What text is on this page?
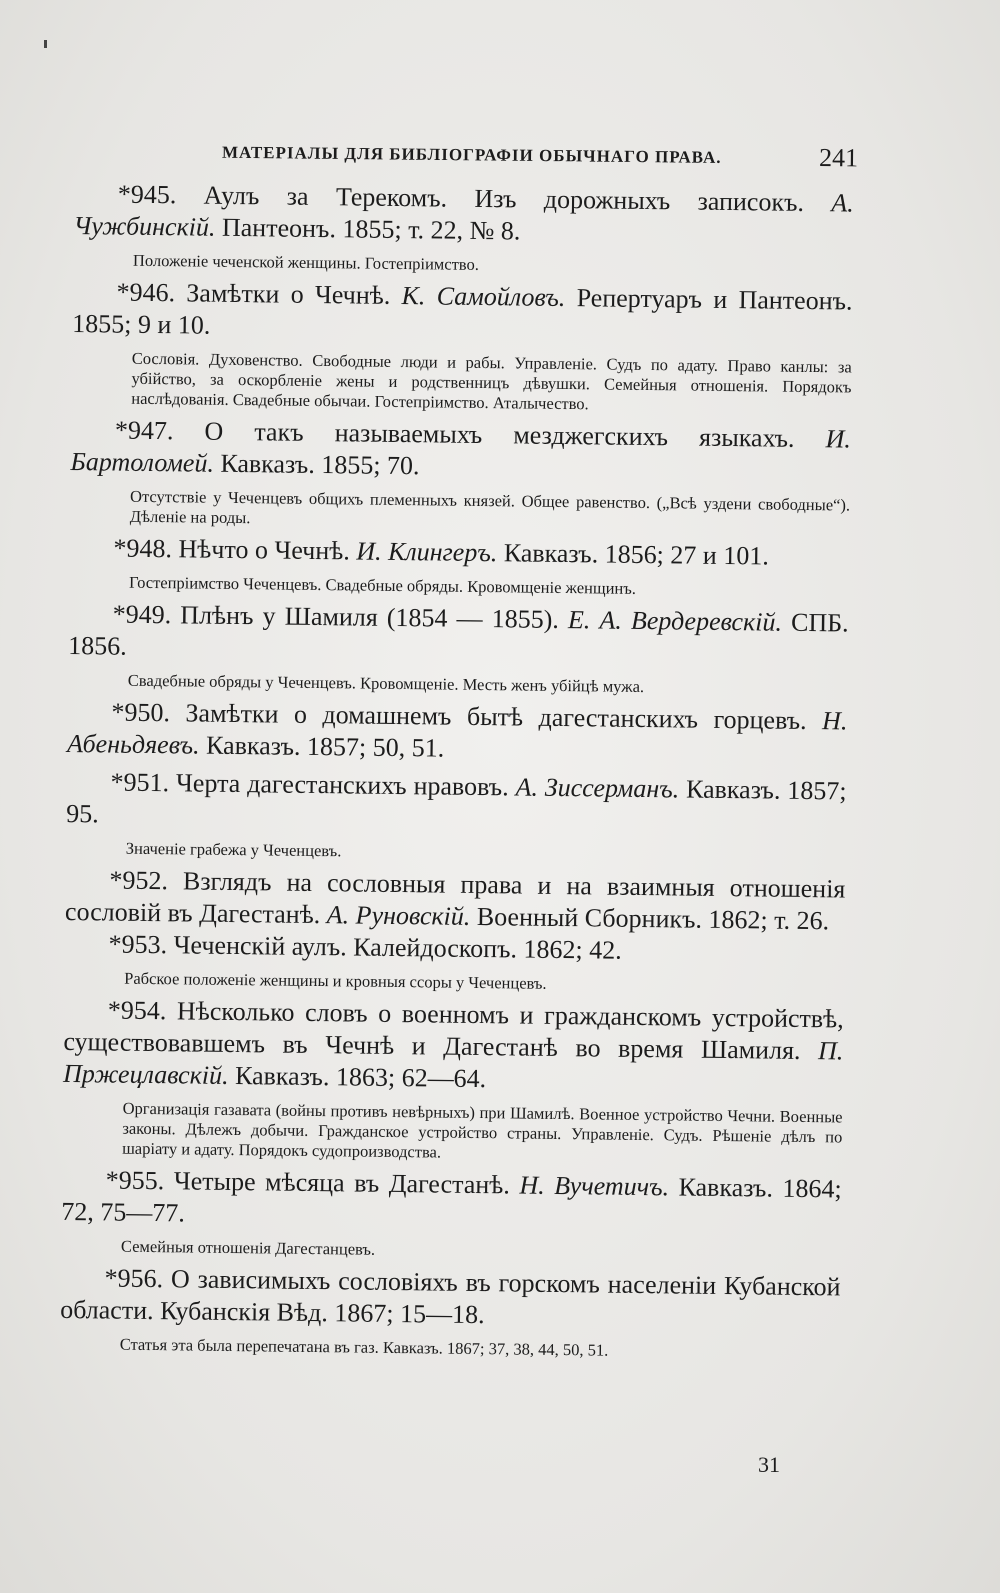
МАТЕРІАЛЫ ДЛЯ БИБЛІОГРАФІИ ОБЫЧНАГО ПРАВА.	241

*945. Аулъ за Терекомъ. Изъ дорожныхъ записокъ. А. Чужбинскій. Пантеонъ. 1855; т. 22, № 8.

Положеніе чеченской женщины. Гостепріимство.

*946. Замѣтки о Чечнѣ. К. Самойловъ. Репертуаръ и Пантеонъ. 1855; 9 и 10.

Сословія. Духовенство. Свободные люди и рабы. Управленіе. Судъ по адату. Право канлы: за убійство, за оскорбленіе жены и родственницъ дѣвушки. Семейныя отношенія. Порядокъ наслѣдованія. Свадебные обычаи. Гостепріимство. Аталычество.

*947. О такъ называемыхъ мезджегскихъ языкахъ. И. Бартоломей. Кавказъ. 1855; 70.

Отсутствіе у Чеченцевъ общихъ племенныхъ князей. Общее равенство. („Всѣ уздени свободные“). Дѣленіе на роды.

*948. Нѣчто о Чечнѣ. И. Клингеръ. Кавказъ. 1856; 27 и 101.

Гостепріимство Чеченцевъ. Свадебные обряды. Кровомщеніе женщинъ.

*949. Плѣнъ у Шамиля (1854 — 1855). Е. А. Вердеревскій. СПБ. 1856.

Свадебные обряды у Чеченцевъ. Кровомщеніе. Месть женъ убійцѣ мужа.

*950. Замѣтки о домашнемъ бытѣ дагестанскихъ горцевъ. Н. Абеньдяевъ. Кавказъ. 1857; 50, 51.

*951. Черта дагестанскихъ нравовъ. А. Зиссерманъ. Кавказъ. 1857; 95.

Значеніе грабежа у Чеченцевъ.

*952. Взглядъ на сословныя права и на взаимныя отношенія сословій въ Дагестанѣ. А. Руновскій. Военный Сборникъ. 1862; т. 26.

*953. Чеченскій аулъ. Калейдоскопъ. 1862; 42.

Рабское положеніе женщины и кровныя ссоры у Чеченцевъ.

*954. Нѣсколько словъ о военномъ и гражданскомъ устройствѣ, существовавшемъ въ Чечнѣ и Дагестанѣ во время Шамиля. П. Пржецлавскій. Кавказъ. 1863; 62—64.

Организація газавата (войны противъ невѣрныхъ) при Шамилѣ. Военное устройство Чечни. Военные законы. Дѣлежъ добычи. Гражданское устройство страны. Управленіе. Судъ. Рѣшеніе дѣлъ по шаріату и адату. Порядокъ судопроизводства.

*955. Четыре мѣсяца въ Дагестанѣ. Н. Вучетичъ. Кавказъ. 1864; 72, 75—77.

Семейныя отношенія Дагестанцевъ.

*956. О зависимыхъ сословіяхъ въ горскомъ населеніи Кубанской области. Кубанскія Вѣд. 1867; 15—18.

Статья эта была перепечатана въ газ. Кавказъ. 1867; 37, 38, 44, 50, 51.

31
